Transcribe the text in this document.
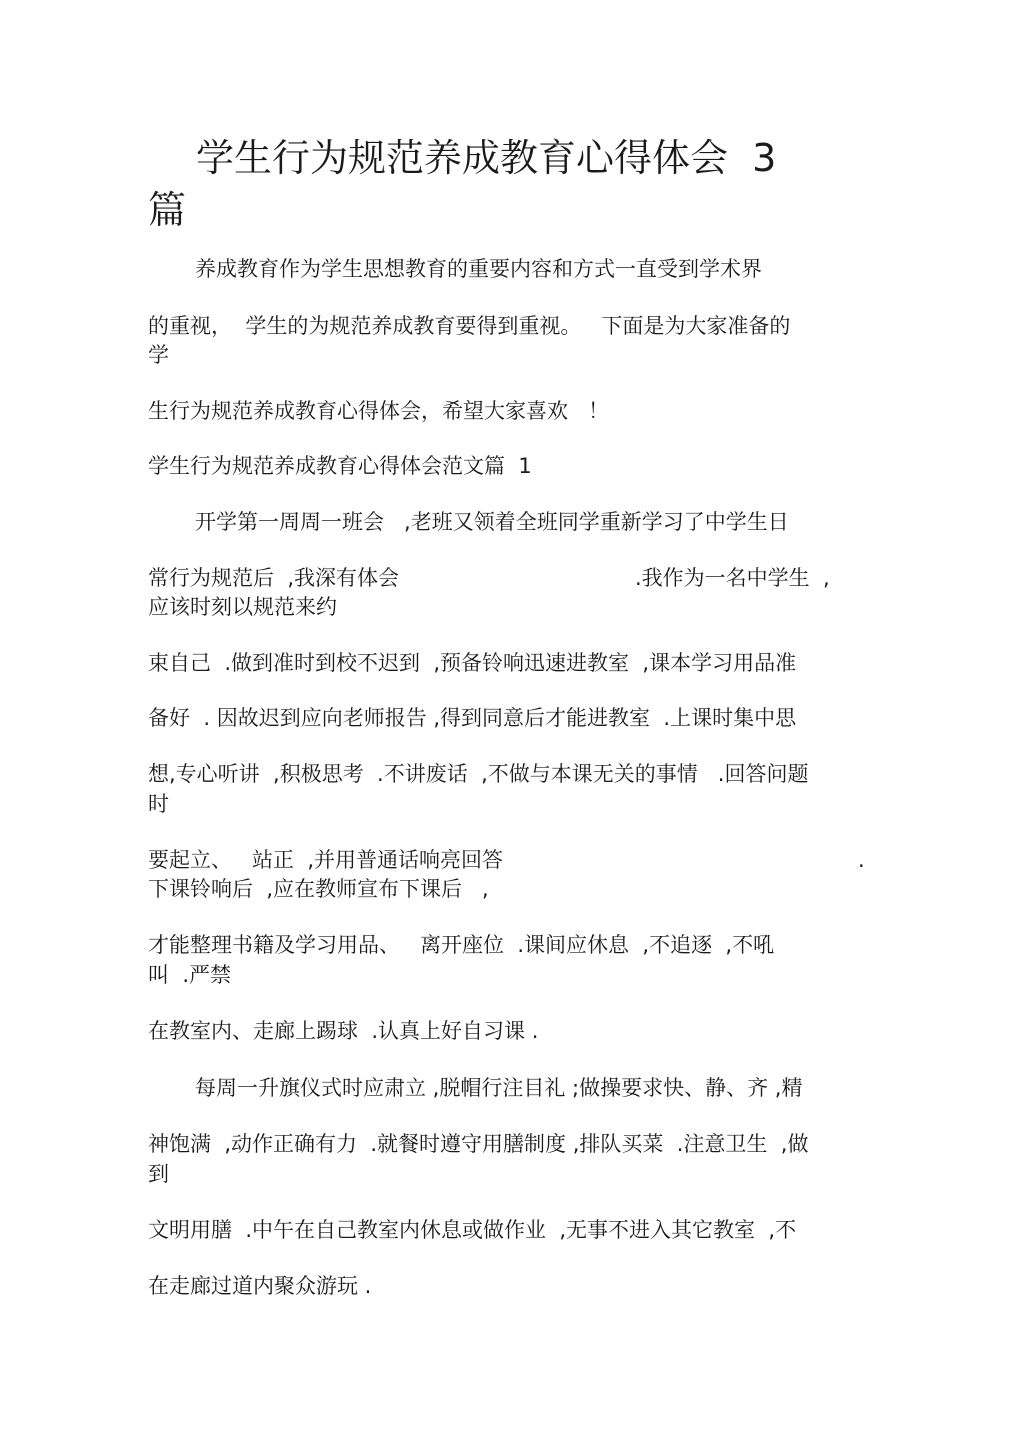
学生行为规范养成教育心得体会  3
篇
养成教育作为学生思想教育的重要内容和方式一直受到学术界
的重视，  学生的为规范养成教育要得到重视。   下面是为大家准备的
学
生行为规范养成教育心得体会，希望大家喜欢   ！
学生行为规范养成教育心得体会范文篇  1
开学第一周周一班会   ,老班又领着全班同学重新学习了中学生日
常行为规范后  ,我深有体会	.我作为一名中学生  ,
应该时刻以规范来约
束自己  .做到准时到校不迟到  ,预备铃响迅速进教室  ,课本学习用品准
备好  . 因故迟到应向老师报告 ,得到同意后才能进教室  .上课时集中思
想,专心听讲  ,积极思考  .不讲废话  ,不做与本课无关的事情   .回答问题
时
要起立、   站正  ,并用普通话响亮回答	.
下课铃响后  ,应在教师宣布下课后   ,
才能整理书籍及学习用品、   离开座位  .课间应休息  ,不追逐  ,不吼
叫  .严禁
在教室内、走廊上踢球  .认真上好自习课 .
每周一升旗仪式时应肃立 ,脱帽行注目礼 ;做操要求快、静、齐 ,精
神饱满  ,动作正确有力  .就餐时遵守用膳制度 ,排队买菜  .注意卫生  ,做
到
文明用膳  .中午在自己教室内休息或做作业  ,无事不进入其它教室  ,不
在走廊过道内聚众游玩 .
